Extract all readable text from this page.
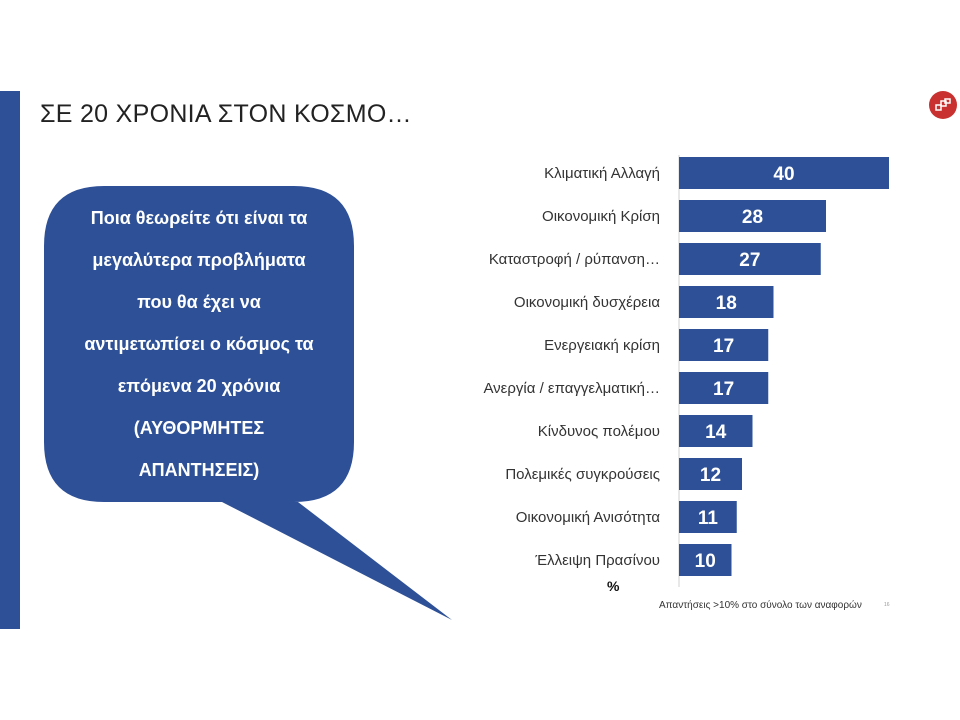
ΣΕ 20 ΧΡΟΝΙΑ ΣΤΟΝ ΚΟΣΜΟ…
Ποια θεωρείτε ότι είναι τα
μεγαλύτερα προβλήματα
που θα έχει να
αντιμετωπίσει ο κόσμος τα
επόμενα 20 χρόνια
(ΑΥΘΟΡΜΗΤΕΣ
ΑΠΑΝΤΗΣΕΙΣ)
Κλιματική Αλλαγή	40
Οικονομική Κρίση	28
Καταστροφή / ρύπανση…	27
Οικονομική δυσχέρεια	18
Ενεργειακή κρίση	17
Ανεργία / επαγγελματική…	17
Κίνδυνος πολέμου 14
Πολεμικές συγκρούσεις 12
Οικονομική Ανισότητα 11
Έλλειψη Πρασίνου 10
%
Απαντήσεις >10% στο σύνολο των αναφορών	16
